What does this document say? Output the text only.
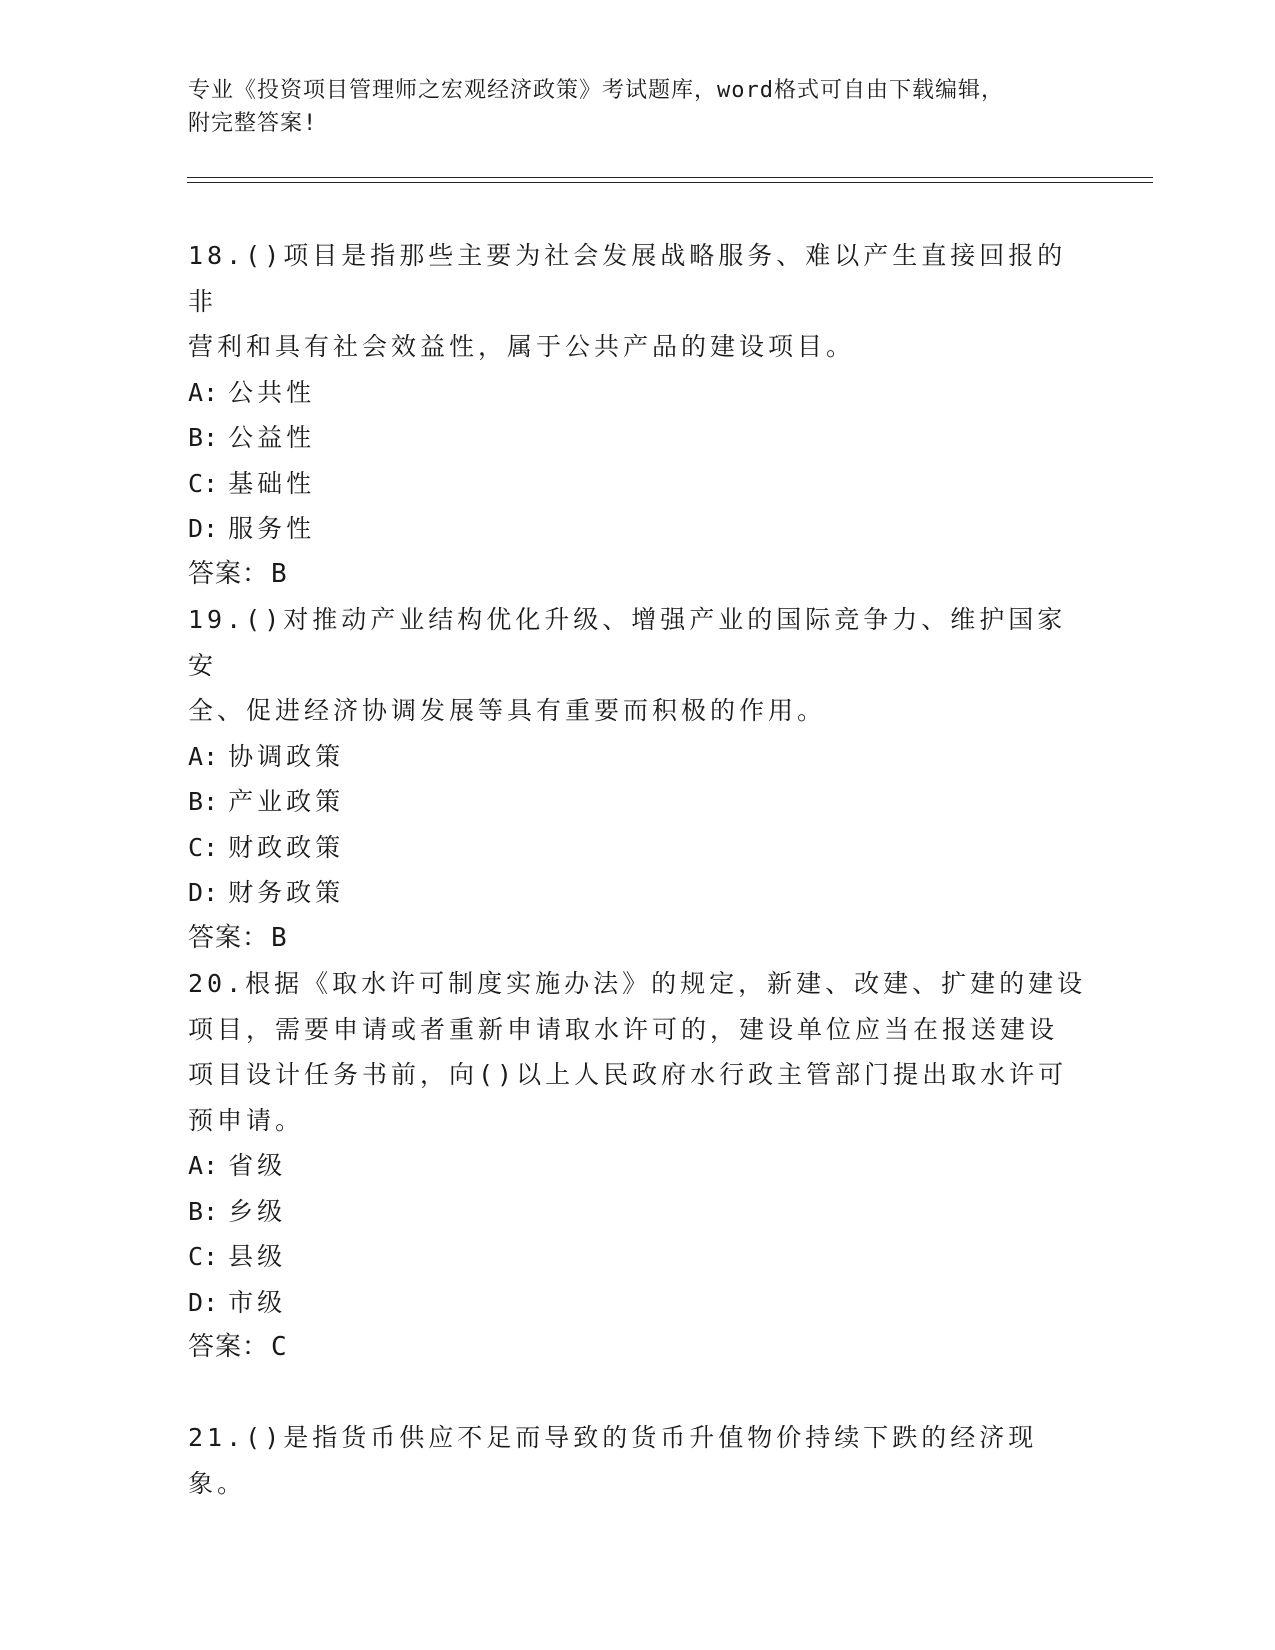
专业《投资项目管理师之宏观经济政策》考试题库，word格式可自由下载编辑，
附完整答案!
18.()项目是指那些主要为社会发展战略服务、难以产生直接回报的非
营利和具有社会效益性，属于公共产品的建设项目。
A: 公共性
B: 公益性
C: 基础性
D: 服务性
答案：B
19.()对推动产业结构优化升级、增强产业的国际竞争力、维护国家安
全、促进经济协调发展等具有重要而积极的作用。
A: 协调政策
B: 产业政策
C: 财政政策
D: 财务政策
答案：B
20.根据《取水许可制度实施办法》的规定，新建、改建、扩建的建设
项目，需要申请或者重新申请取水许可的，建设单位应当在报送建设
项目设计任务书前，向()以上人民政府水行政主管部门提出取水许可
预申请。
A: 省级
B: 乡级
C: 县级
D: 市级
答案：C
21.()是指货币供应不足而导致的货币升值物价持续下跌的经济现象。
